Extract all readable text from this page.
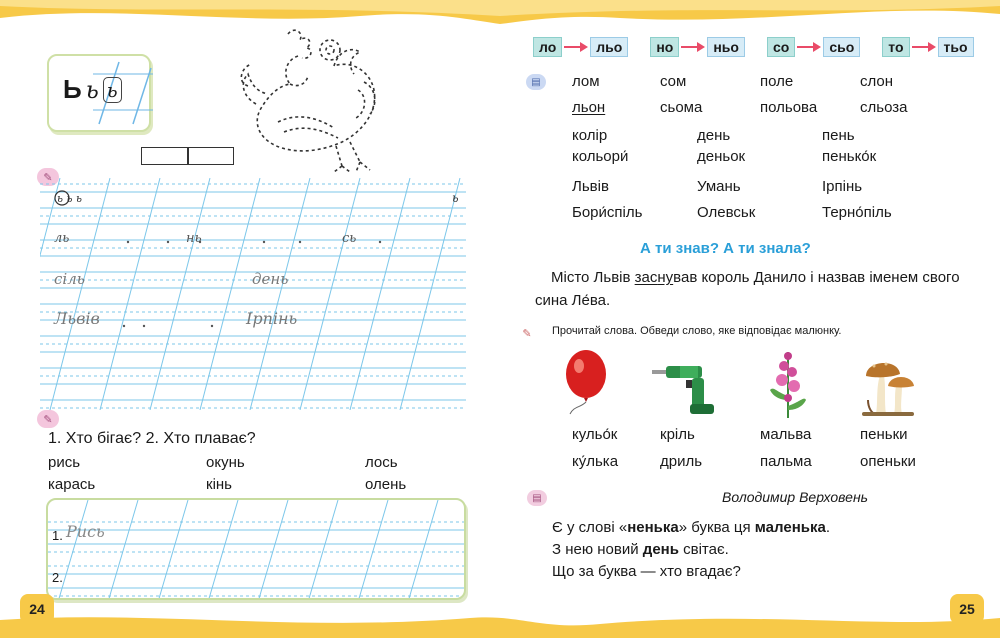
Ь ь ь
✎
ь ь ь	ь
ль	нь	сь
сіль	день
Львів	Ірпінь
✎
1. Хто бігає? 2. Хто плаває?
рись	окунь	лось
карась	кінь	олень
1. Рись
2.
24
ло	льо	но	ньо	со	сьо	то	тьо
▤	лом	сом	поле	слон
льон	сьома	польова	сльоза
колір	день	пень
кольори́	деньок	пенько́к
Львів	Умань	Ірпінь
Бори́спіль	Олевськ	Терно́піль
А ти знав? А ти знала?
Місто Львів заснував король Данило і назвав іменем свого сина Ле́ва.
✎ Прочитай слова. Обведи слово, яке відповідає малюнку.
кульо́к	кріль	мальва	пеньки
ку́лька	дриль	пальма	опеньки
▤	Володимир Верховень
Є у слові «ненька» буква ця маленька.
З нею новий день світає.
Що за буква — хто вгадає?
25
